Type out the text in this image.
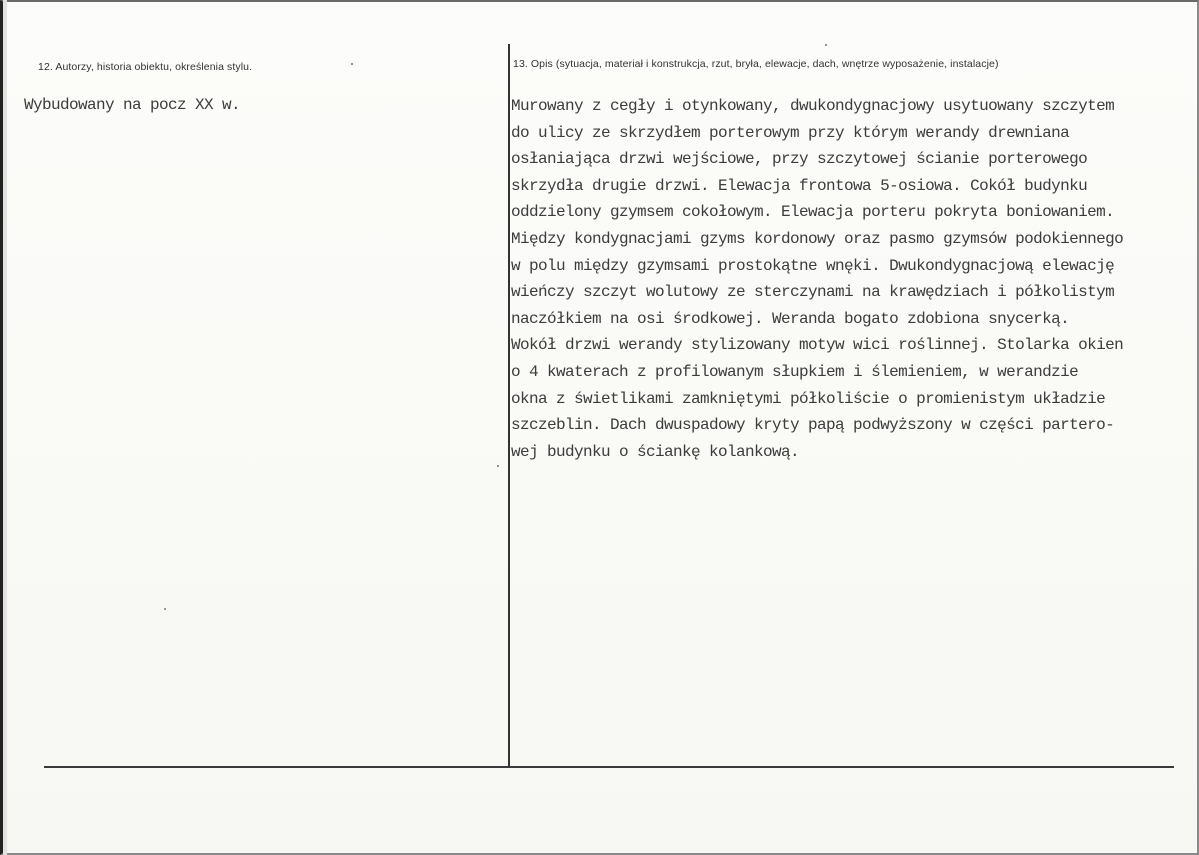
12. Autorzy, historia obiektu, określenia stylu.	13. Opis (sytuacja, materiał i konstrukcja, rzut, bryła, elewacje, dach, wnętrze wyposażenie, instalacje)
Wybudowany na pocz XX w.	Murowany z cegły i otynkowany, dwukondygnacjowy usytuowany szczytem
do ulicy ze skrzydłem porterowym przy którym werandy drewniana
osłaniająca drzwi wejściowe, przy szczytowej ścianie porterowego
skrzydła drugie drzwi. Elewacja frontowa 5-osiowa. Cokół budynku
oddzielony gzymsem cokołowym. Elewacja porteru pokryta boniowaniem.
Między kondygnacjami gzyms kordonowy oraz pasmo gzymsów podokiennego
w polu między gzymsami prostokątne wnęki. Dwukondygnacjową elewację
wieńczy szczyt wolutowy ze sterczynami na krawędziach i półkolistym
naczółkiem na osi środkowej. Weranda bogato zdobiona snycerką.
Wokół drzwi werandy stylizowany motyw wici roślinnej. Stolarka okien
o 4 kwaterach z profilowanym słupkiem i ślemieniem, w werandzie
okna z świetlikami zamkniętymi półkoliście o promienistym układzie
szczeblin. Dach dwuspadowy kryty papą podwyższony w części partero-
wej budynku o ściankę kolankową.
